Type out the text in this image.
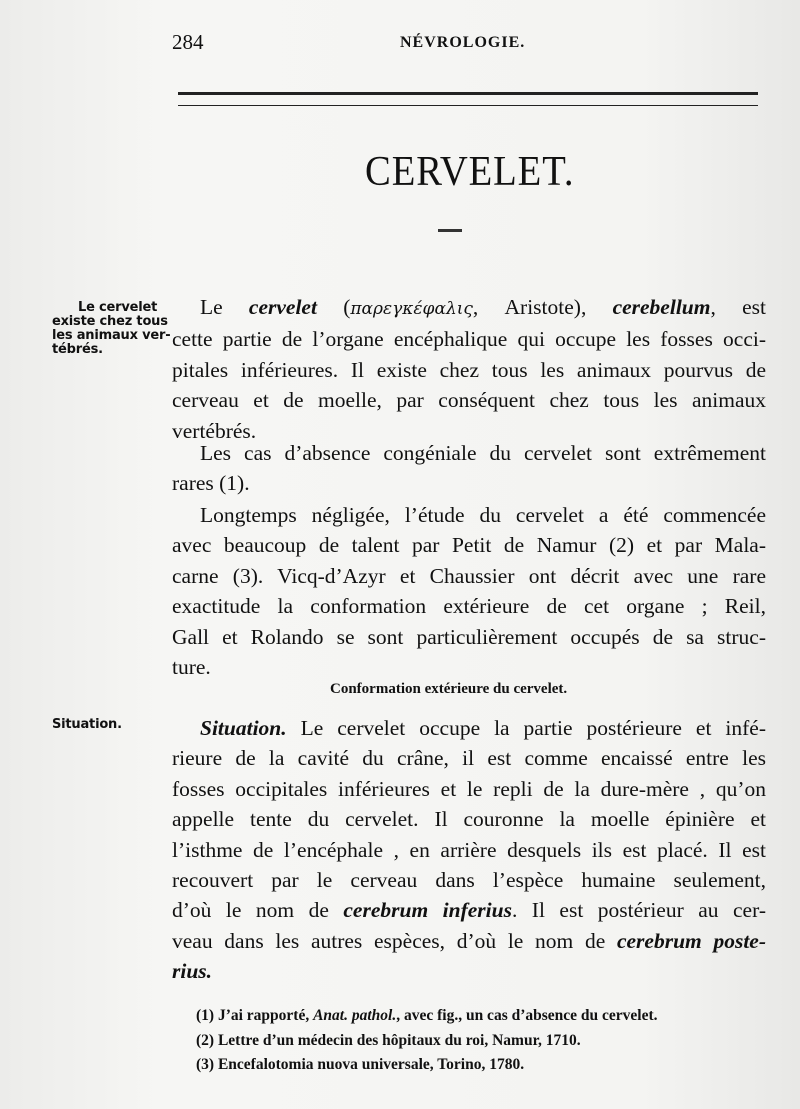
284	NÉVROLOGIE.
CERVELET.
Le cervelet
existe chez tous
les animaux ver-
tébrés.
Situation.
Le cervelet (παρεγκέφαλις, Aristote), cerebellum, est
cette partie de l’organe encéphalique qui occupe les fosses occi-
pitales inférieures. Il existe chez tous les animaux pourvus de
cerveau et de moelle, par conséquent chez tous les animaux
vertébrés.
Les cas d’absence congéniale du cervelet sont extrêmement
rares (1).
Longtemps négligée, l’étude du cervelet a été commencée
avec beaucoup de talent par Petit de Namur (2) et par Mala-
carne (3). Vicq-d’Azyr et Chaussier ont décrit avec une rare
exactitude la conformation extérieure de cet organe ; Reil,
Gall et Rolando se sont particulièrement occupés de sa struc-
ture.
Conformation extérieure du cervelet.
Situation. Le cervelet occupe la partie postérieure et infé-
rieure de la cavité du crâne, il est comme encaissé entre les
fosses occipitales inférieures et le repli de la dure-mère , qu’on
appelle tente du cervelet. Il couronne la moelle épinière et
l’isthme de l’encéphale , en arrière desquels ils est placé. Il est
recouvert par le cerveau dans l’espèce humaine seulement,
d’où le nom de cerebrum inferius. Il est postérieur au cer-
veau dans les autres espèces, d’où le nom de cerebrum poste-
rius.
(1) J’ai rapporté, Anat. pathol., avec fig., un cas d’absence du cervelet.
(2) Lettre d’un médecin des hôpitaux du roi, Namur, 1710.
(3) Encefalotomia nuova universale, Torino, 1780.
